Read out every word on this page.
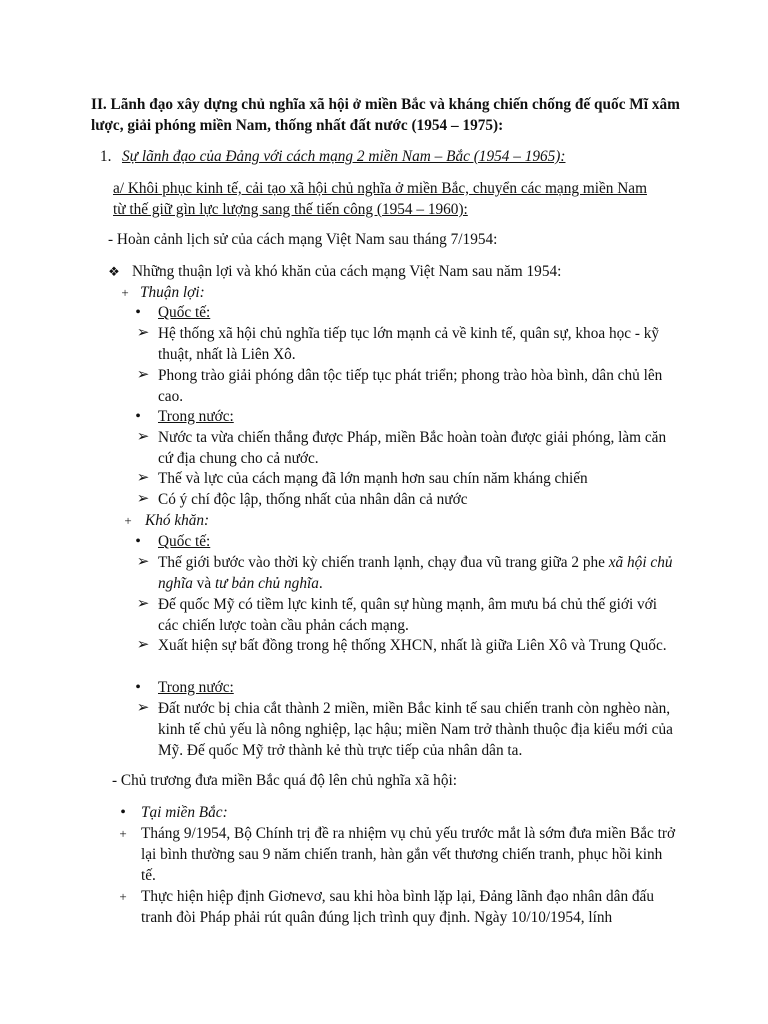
II. Lãnh đạo xây dựng chủ nghĩa xã hội ở miền Bắc và kháng chiến chống đế quốc Mĩ xâm lược, giải phóng miền Nam, thống nhất đất nước (1954 – 1975):

1. Sự lãnh đạo của Đảng với cách mạng 2 miền Nam – Bắc (1954 – 1965):

a/ Khôi phục kinh tế, cải tạo xã hội chủ nghĩa ở miền Bắc, chuyển các mạng miền Nam từ thế giữ gìn lực lượng sang thế tiến công (1954 – 1960):

- Hoàn cảnh lịch sử của cách mạng Việt Nam sau tháng 7/1954:

❖ Những thuận lợi và khó khăn của cách mạng Việt Nam sau năm 1954:
+ Thuận lợi:
•	Quốc tế:
➢ Hệ thống xã hội chủ nghĩa tiếp tục lớn mạnh cả về kinh tế, quân sự, khoa học - kỹ thuật, nhất là Liên Xô.
➢ Phong trào giải phóng dân tộc tiếp tục phát triển; phong trào hòa bình, dân chủ lên cao.
•	Trong nước:
➢ Nước ta vừa chiến thắng được Pháp, miền Bắc hoàn toàn được giải phóng, làm căn cứ địa chung cho cả nước.
➢ Thế và lực của cách mạng đã lớn mạnh hơn sau chín năm kháng chiến
➢ Có ý chí độc lập, thống nhất của nhân dân cả nước
+ Khó khăn:
•	Quốc tế:
➢ Thế giới bước vào thời kỳ chiến tranh lạnh, chạy đua vũ trang giữa 2 phe xã hội chủ nghĩa và tư bản chủ nghĩa.
➢ Đế quốc Mỹ có tiềm lực kinh tế, quân sự hùng mạnh, âm mưu bá chủ thế giới với các chiến lược toàn cầu phản cách mạng.
➢ Xuất hiện sự bất đồng trong hệ thống XHCN, nhất là giữa Liên Xô và Trung Quốc.
•	Trong nước:
➢ Đất nước bị chia cắt thành 2 miền, miền Bắc kinh tế sau chiến tranh còn nghèo nàn, kinh tế chủ yếu là nông nghiệp, lạc hậu; miền Nam trở thành thuộc địa kiểu mới của Mỹ. Đế quốc Mỹ trở thành kẻ thù trực tiếp của nhân dân ta.

- Chủ trương đưa miền Bắc quá độ lên chủ nghĩa xã hội:

• Tại miền Bắc:
+ Tháng 9/1954, Bộ Chính trị đề ra nhiệm vụ chủ yếu trước mắt là sớm đưa miền Bắc trở lại bình thường sau 9 năm chiến tranh, hàn gắn vết thương chiến tranh, phục hồi kinh tế.
+ Thực hiện hiệp định Giơnevơ, sau khi hòa bình lặp lại, Đảng lãnh đạo nhân dân đấu tranh đòi Pháp phải rút quân đúng lịch trình quy định. Ngày 10/10/1954, lính
